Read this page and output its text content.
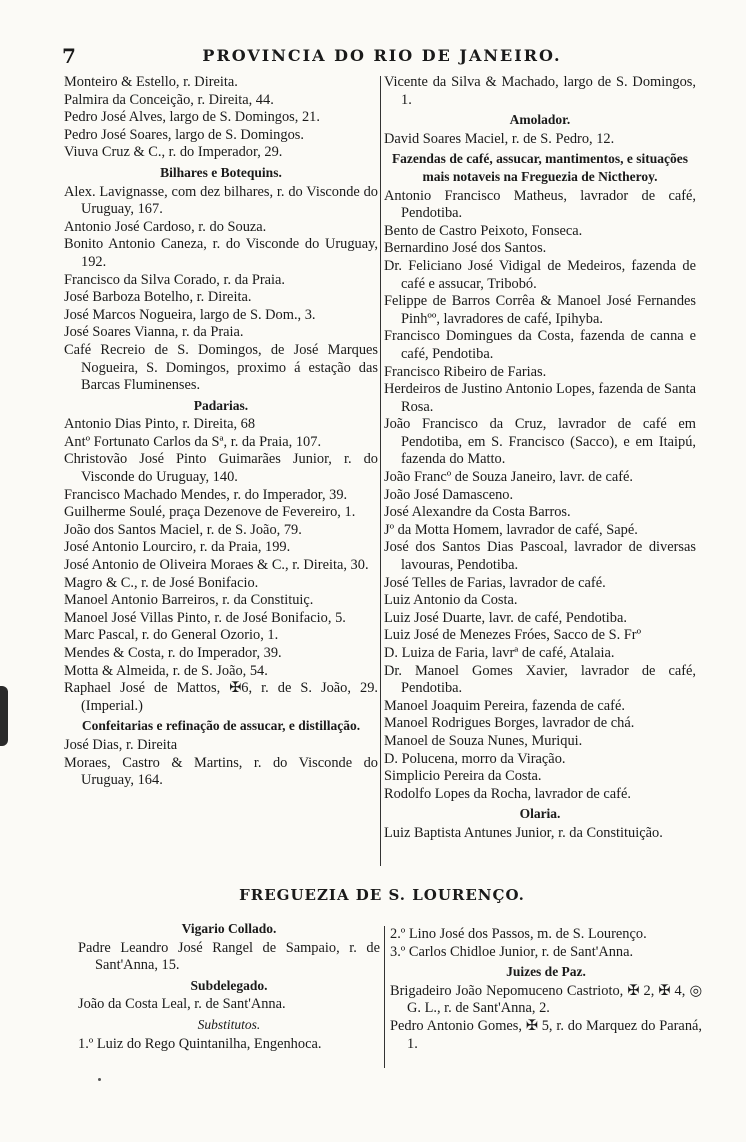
7	PROVINCIA DO RIO DE JANEIRO.
Monteiro & Estello, r. Direita.
Palmira da Conceição, r. Direita, 44.
Pedro José Alves, largo de S. Domingos, 21.
Pedro José Soares, largo de S. Domingos.
Viuva Cruz & C., r. do Imperador, 29.
Bilhares e Botequins.
Alex. Lavignasse, com dez bilhares, r. do Visconde do Uruguay, 167.
Antonio José Cardoso, r. do Souza.
Bonito Antonio Caneza, r. do Visconde do Uruguay, 192.
Francisco da Silva Corado, r. da Praia.
José Barboza Botelho, r. Direita.
José Marcos Nogueira, largo de S. Dom., 3.
José Soares Vianna, r. da Praia.
Café Recreio de S. Domingos, de José Marques Nogueira, S. Domingos, proximo á estação das Barcas Fluminenses.
Padarias.
Antonio Dias Pinto, r. Direita, 68
Antº Fortunato Carlos da Sª, r. da Praia, 107.
Christovão José Pinto Guimarães Junior, r. do Visconde do Uruguay, 140.
Francisco Machado Mendes, r. do Imperador, 39.
Guilherme Soulé, praça Dezenove de Fevereiro, 1.
João dos Santos Maciel, r. de S. João, 79.
José Antonio Lourciro, r. da Praia, 199.
José Antonio de Oliveira Moraes & C., r. Direita, 30.
Magro & C., r. de José Bonifacio.
Manoel Antonio Barreiros, r. da Constituiç.
Manoel José Villas Pinto, r. de José Bonifacio, 5.
Marc Pascal, r. do General Ozorio, 1.
Mendes & Costa, r. do Imperador, 39.
Motta & Almeida, r. de S. João, 54.
Raphael José de Mattos, ✠6, r. de S. João, 29. (Imperial.)
Confeitarias e refinação de assucar, e distillação.
José Dias, r. Direita
Moraes, Castro & Martins, r. do Visconde do Uruguay, 164.
Vicente da Silva & Machado, largo de S. Domingos, 1.
Amolador.
David Soares Maciel, r. de S. Pedro, 12.
Fazendas de café, assucar, mantimentos, e situações mais notaveis na Freguezia de Nictheroy.
Antonio Francisco Matheus, lavrador de café, Pendotiba.
Bento de Castro Peixoto, Fonseca.
Bernardino José dos Santos.
Dr. Feliciano José Vidigal de Medeiros, fazenda de café e assucar, Tribobó.
Felippe de Barros Corrêa & Manoel José Fernandes Pinhºº, lavradores de café, Ipihyba.
Francisco Domingues da Costa, fazenda de canna e café, Pendotiba.
Francisco Ribeiro de Farias.
Herdeiros de Justino Antonio Lopes, fazenda de Santa Rosa.
João Francisco da Cruz, lavrador de café em Pendotiba, em S. Francisco (Sacco), e em Itaipú, fazenda do Matto.
João Francº de Souza Janeiro, lavr. de café.
João José Damasceno.
José Alexandre da Costa Barros.
Jº da Motta Homem, lavrador de café, Sapé.
José dos Santos Dias Pascoal, lavrador de diversas lavouras, Pendotiba.
José Telles de Farias, lavrador de café.
Luiz Antonio da Costa.
Luiz José Duarte, lavr. de café, Pendotiba.
Luiz José de Menezes Fróes, Sacco de S. Frº
D. Luiza de Faria, lavrª de café, Atalaia.
Dr. Manoel Gomes Xavier, lavrador de café, Pendotiba.
Manoel Joaquim Pereira, fazenda de café.
Manoel Rodrigues Borges, lavrador de chá.
Manoel de Souza Nunes, Muriqui.
D. Polucena, morro da Viração.
Simplicio Pereira da Costa.
Rodolfo Lopes da Rocha, lavrador de café.
Olaria.
Luiz Baptista Antunes Junior, r. da Constituição.
FREGUEZIA DE S. LOURENÇO.
Vigario Collado.
Padre Leandro José Rangel de Sampaio, r. de Sant'Anna, 15.
Subdelegado.
João da Costa Leal, r. de Sant'Anna.
Substitutos.
1.º Luiz do Rego Quintanilha, Engenhoca.
2.º Lino José dos Passos, m. de S. Lourenço.
3.º Carlos Chidloe Junior, r. de Sant'Anna.
Juizes de Paz.
Brigadeiro João Nepomuceno Castrioto, ✠ 2, ✠ 4, ◎ G. L., r. de Sant'Anna, 2.
Pedro Antonio Gomes, ✠ 5, r. do Marquez do Paraná, 1.
